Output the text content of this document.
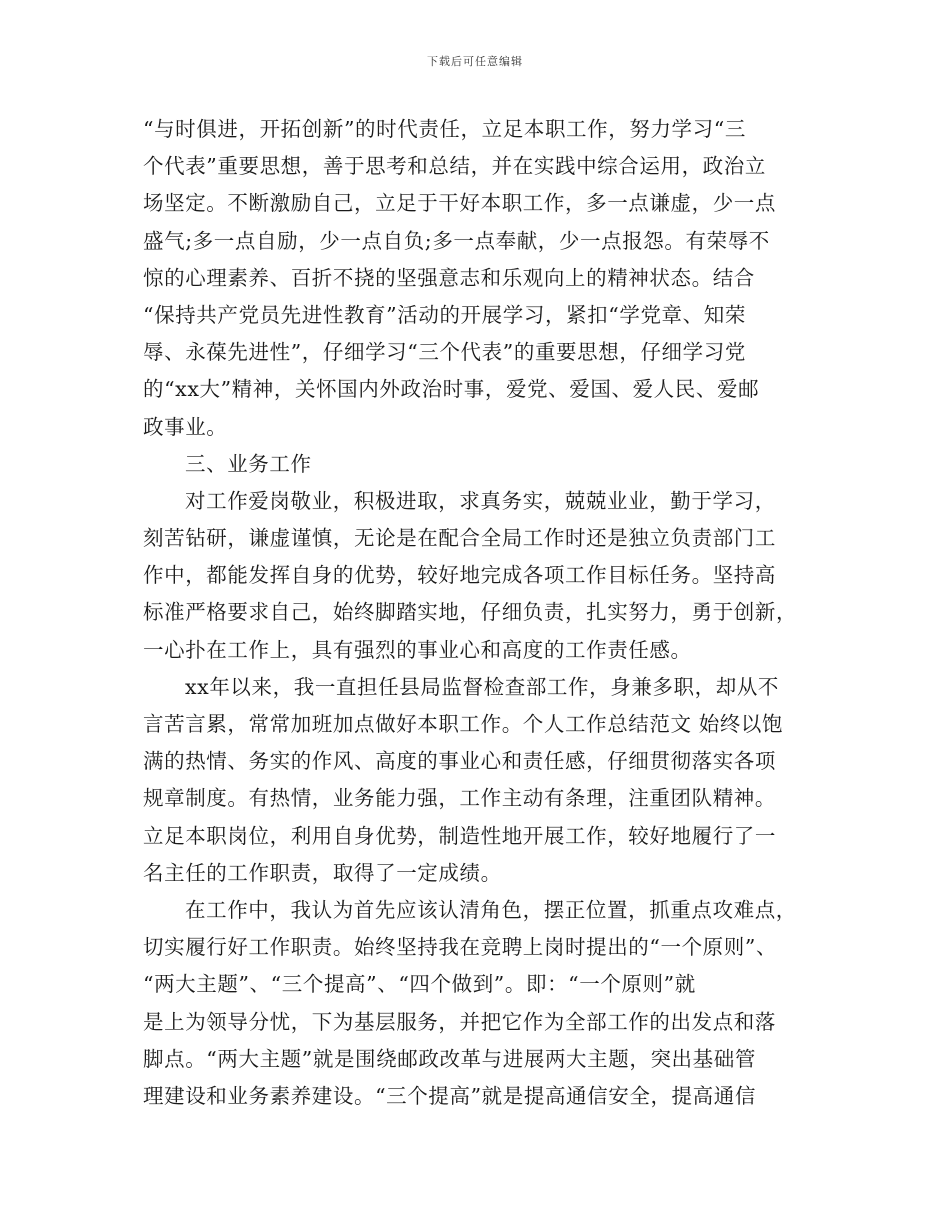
下载后可任意编辑
“与时俱进，开拓创新”的时代责任，立足本职工作，努力学习“三
个代表”重要思想，善于思考和总结，并在实践中综合运用，政治立
场坚定。不断激励自己，立足于干好本职工作，多一点谦虚，少一点
盛气;多一点自励，少一点自负;多一点奉献，少一点报怨。有荣辱不
惊的心理素养、百折不挠的坚强意志和乐观向上的精神状态。结合
“保持共产党员先进性教育”活动的开展学习，紧扣“学党章、知荣
辱、永葆先进性”，仔细学习“三个代表”的重要思想，仔细学习党
的“xx大”精神，关怀国内外政治时事，爱党、爱国、爱人民、爱邮
政事业。
三、业务工作
对工作爱岗敬业，积极进取，求真务实，兢兢业业，勤于学习，
刻苦钻研，谦虚谨慎，无论是在配合全局工作时还是独立负责部门工
作中，都能发挥自身的优势，较好地完成各项工作目标任务。坚持高
标准严格要求自己，始终脚踏实地，仔细负责，扎实努力，勇于创新，
一心扑在工作上，具有强烈的事业心和高度的工作责任感。
xx年以来，我一直担任县局监督检查部工作，身兼多职，却从不
言苦言累，常常加班加点做好本职工作。个人工作总结范文 始终以饱
满的热情、务实的作风、高度的事业心和责任感，仔细贯彻落实各项
规章制度。有热情，业务能力强，工作主动有条理，注重团队精神。
立足本职岗位，利用自身优势，制造性地开展工作，较好地履行了一
名主任的工作职责，取得了一定成绩。
在工作中，我认为首先应该认清角色，摆正位置，抓重点攻难点，
切实履行好工作职责。始终坚持我在竞聘上岗时提出的“一个原则”、
“两大主题”、“三个提高”、“四个做到”。即：“一个原则”就
是上为领导分忧，下为基层服务，并把它作为全部工作的出发点和落
脚点。“两大主题”就是围绕邮政改革与进展两大主题，突出基础管
理建设和业务素养建设。“三个提高”就是提高通信安全，提高通信
